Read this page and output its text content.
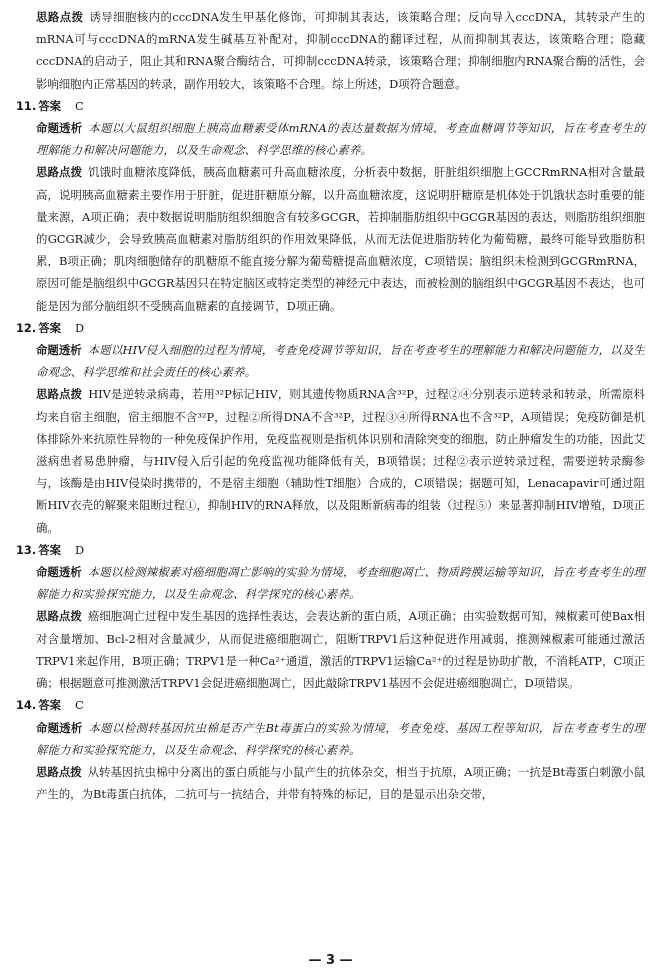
思路点拨 诱导细胞核内的cccDNA发生甲基化修饰，可抑制其表达，该策略合理；反向导入cccDNA，其转录产生的mRNA可与cccDNA的mRNA发生碱基互补配对，抑制cccDNA的翻译过程，从而抑制其表达，该策略合理；隐藏cccDNA的启动子，阻止其和RNA聚合酶结合，可抑制cccDNA转录，该策略合理；抑制细胞内RNA聚合酶的活性，会影响细胞内正常基因的转录，副作用较大，该策略不合理。综上所述，D项符合题意。

11. 答案 C

命题透析 本题以大鼠组织细胞上胰高血糖素受体mRNA的表达量数据为情境，考查血糖调节等知识，旨在考查考生的理解能力和解决问题能力，以及生命观念、科学思维的核心素养。

思路点拨 饥饿时血糖浓度降低，胰高血糖素可升高血糖浓度，分析表中数据，肝脏组织细胞上GCCRmRNA相对含量最高，说明胰高血糖素主要作用于肝脏，促进肝糖原分解，以升高血糖浓度，这说明肝糖原是机体处于饥饿状态时重要的能量来源，A项正确；表中数据说明脂肪组织细胞含有较多GCGR，若抑制脂肪组织中GCGR基因的表达，则脂肪组织细胞的GCGR减少，会导致胰高血糖素对脂肪组织的作用效果降低，从而无法促进脂肪转化为葡萄糖，最终可能导致脂肪积累，B项正确；肌肉细胞储存的肌糖原不能直接分解为葡萄糖提高血糖浓度，C项错误；脑组织未检测到GCGRmRNA，原因可能是脑组织中GCGR基因只在特定脑区或特定类型的神经元中表达，而被检测的脑组织中GCGR基因不表达，也可能是因为部分脑组织不受胰高血糖素的直接调节，D项正确。

12. 答案 D

命题透析 本题以HIV侵入细胞的过程为情境，考查免疫调节等知识，旨在考查考生的理解能力和解决问题能力，以及生命观念、科学思维和社会责任的核心素养。

思路点拨 HIV是逆转录病毒，若用³²P标记HIV，则其遗传物质RNA含³²P，过程②④分别表示逆转录和转录，所需原料均来自宿主细胞，宿主细胞不含³²P，过程②所得DNA不含³²P，过程③④所得RNA也不含³²P，A项错误；免疫防御是机体排除外来抗原性异物的一种免疫保护作用，免疫监视则是指机体识别和清除突变的细胞，防止肿瘤发生的功能，因此艾滋病患者易患肿瘤，与HIV侵入后引起的免疫监视功能降低有关，B项错误；过程②表示逆转录过程，需要逆转录酶参与，该酶是由HIV侵染时携带的，不是宿主细胞（辅助性T细胞）合成的，C项错误；据题可知，Lenacapavir可通过阻断HIV衣壳的解聚来阻断过程①，抑制HIV的RNA释放，以及阻断新病毒的组装（过程⑤）来显著抑制HIV增殖，D项正确。

13. 答案 D

命题透析 本题以检测辣椒素对癌细胞凋亡影响的实验为情境，考查细胞凋亡、物质跨膜运输等知识，旨在考查考生的理解能力和实验探究能力，以及生命观念、科学探究的核心素养。

思路点拨 癌细胞凋亡过程中发生基因的选择性表达，会表达新的蛋白质，A项正确；由实验数据可知，辣椒素可使Bax相对含量增加、Bcl-2相对含量减少，从而促进癌细胞凋亡，阻断TRPV1后这种促进作用减弱，推测辣椒素可能通过激活TRPV1来起作用，B项正确；TRPV1是一种Ca²⁺通道，激活的TRPV1运输Ca²⁺的过程是协助扩散，不消耗ATP，C项正确；根据题意可推测激活TRPV1会促进癌细胞凋亡，因此敲除TRPV1基因不会促进癌细胞凋亡，D项错误。

14. 答案 C

命题透析 本题以检测转基因抗虫棉是否产生Bt毒蛋白的实验为情境，考查免疫、基因工程等知识，旨在考查考生的理解能力和实验探究能力，以及生命观念、科学探究的核心素养。

思路点拨 从转基因抗虫棉中分离出的蛋白质能与小鼠产生的抗体杂交，相当于抗原，A项正确；一抗是Bt毒蛋白刺激小鼠产生的，为Bt毒蛋白抗体，二抗可与一抗结合，并带有特殊的标记，目的是显示出杂交带，

— 3 —
